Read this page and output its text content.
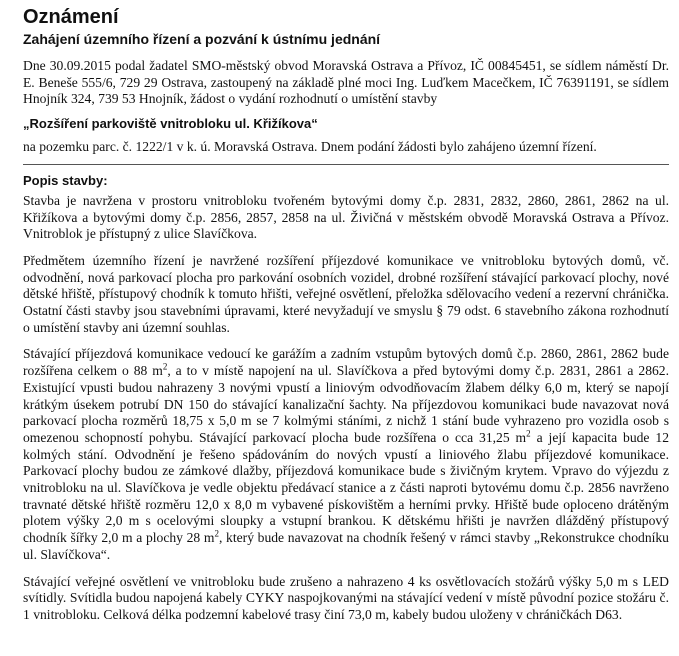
Oznámení
Zahájení územního řízení a pozvání k ústnímu jednání

Dne 30.09.2015 podal žadatel SMO-městský obvod Moravská Ostrava a Přívoz, IČ 00845451, se sídlem náměstí Dr. E. Beneše 555/6, 729 29 Ostrava, zastoupený na základě plné moci Ing. Luďkem Macečkem, IČ 76391191, se sídlem Hnojník 324, 739 53 Hnojník, žádost o vydání rozhodnutí o umístění stavby

„Rozšíření parkoviště vnitrobloku ul. Křižíkova“

na pozemku parc. č. 1222/1 v k. ú. Moravská Ostrava. Dnem podání žádosti bylo zahájeno územní řízení.

Popis stavby:

Stavba je navržena v prostoru vnitrobloku tvořeném bytovými domy č.p. 2831, 2832, 2860, 2861, 2862 na ul. Křižíkova a bytovými domy č.p. 2856, 2857, 2858 na ul. Živičná v městském obvodě Moravská Ostrava a Přívoz. Vnitroblok je přístupný z ulice Slavíčkova.

Předmětem územního řízení je navržené rozšíření příjezdové komunikace ve vnitrobloku bytových domů, vč. odvodnění, nová parkovací plocha pro parkování osobních vozidel, drobné rozšíření stávající parkovací plochy, nové dětské hřiště, přístupový chodník k tomuto hřišti, veřejné osvětlení, přeložka sdělovacího vedení a rezervní chránička. Ostatní části stavby jsou stavebními úpravami, které nevyžadují ve smyslu § 79 odst. 6 stavebního zákona rozhodnutí o umístění stavby ani územní souhlas.

Stávající příjezdová komunikace vedoucí ke garážím a zadním vstupům bytových domů č.p. 2860, 2861, 2862 bude rozšířena celkem o 88 $m^2$, a to v místě napojení na ul. Slavíčkova a před bytovými domy č.p. 2831, 2861 a 2862. Existující vpusti budou nahrazeny 3 novými vpustí a liniovým odvodňovacím žlabem délky 6,0 m, který se napojí krátkým úsekem potrubí DN 150 do stávající kanalizační šachty. Na příjezdovou komunikaci bude navazovat nová parkovací plocha rozměrů 18,75 x 5,0 m se 7 kolmými stáními, z nichž 1 stání bude vyhrazeno pro vozidla osob s omezenou schopností pohybu. Stávající parkovací plocha bude rozšířena o cca 31,25 $m^2$ a její kapacita bude 12 kolmých stání. Odvodnění je řešeno spádováním do nových vpustí a liniového žlabu příjezdové komunikace. Parkovací plochy budou ze zámkové dlažby, příjezdová komunikace bude s živičným krytem. Vpravo do výjezdu z vnitrobloku na ul. Slavíčkova je vedle objektu předávací stanice a z části naproti bytovému domu č.p. 2856 navrženo travnaté dětské hřiště rozměru 12,0 x 8,0 m vybavené pískovištěm a herními prvky. Hřiště bude oploceno drátěným plotem výšky 2,0 m s ocelovými sloupky a vstupní brankou. K dětskému hřišti je navržen dlážděný přístupový chodník šířky 2,0 m a plochy 28 $m^2$, který bude navazovat na chodník řešený v rámci stavby „Rekonstrukce chodníku ul. Slavíčkova“.

Stávající veřejné osvětlení ve vnitrobloku bude zrušeno a nahrazeno 4 ks osvětlovacích stožárů výšky 5,0 m s LED svítidly. Svítidla budou napojená kabely CYKY naspojkovanými na stávající vedení v místě původní pozice stožáru č. 1 vnitrobloku. Celková délka podzemní kabelové trasy činí 73,0 m, kabely budou uloženy v chráničkách D63.
